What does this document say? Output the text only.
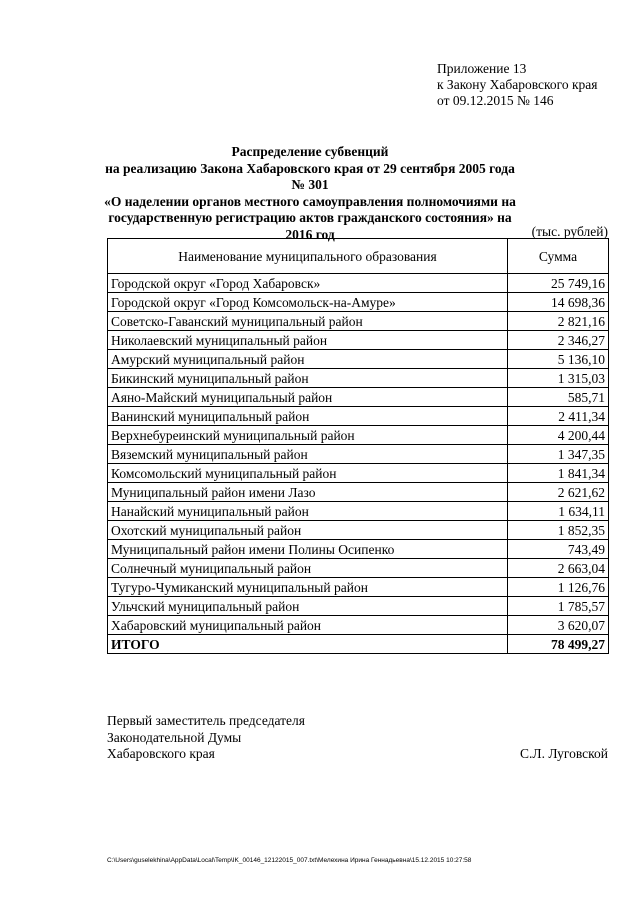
Приложение 13
к Закону Хабаровского края
от 09.12.2015 № 146
Распределение субвенций
на реализацию Закона Хабаровского края от 29 сентября 2005 года № 301
«О наделении органов местного самоуправления полномочиями на
государственную регистрацию актов гражданского состояния» на 2016 год	(тыс. рублей)
Наименование муниципального образования	Сумма
Городской округ «Город Хабаровск»	25 749,16
Городской округ «Город Комсомольск-на-Амуре»	14 698,36
Советско-Гаванский муниципальный район	2 821,16
Николаевский муниципальный район	2 346,27
Амурский муниципальный район	5 136,10
Бикинский муниципальный район	1 315,03
Аяно-Майский муниципальный район	585,71
Ванинский муниципальный район	2 411,34
Верхнебуреинский муниципальный район	4 200,44
Вяземский муниципальный район	1 347,35
Комсомольский муниципальный район	1 841,34
Муниципальный район имени Лазо	2 621,62
Нанайский муниципальный район	1 634,11
Охотский муниципальный район	1 852,35
Муниципальный район имени Полины Осипенко	743,49
Солнечный муниципальный район	2 663,04
Тугуро-Чумиканский муниципальный район	1 126,76
Ульчский муниципальный район	1 785,57
Хабаровский муниципальный район	3 620,07
ИТОГО	78 499,27
Первый заместитель председателя
Законодательной Думы
Хабаровского края	С.Л. Луговской
C:\Users\guselekhina\AppData\Local\Temp\IK_00146_12122015_007.txt\Мелехина Ирина Геннадьевна\15.12.2015 10:27:58
